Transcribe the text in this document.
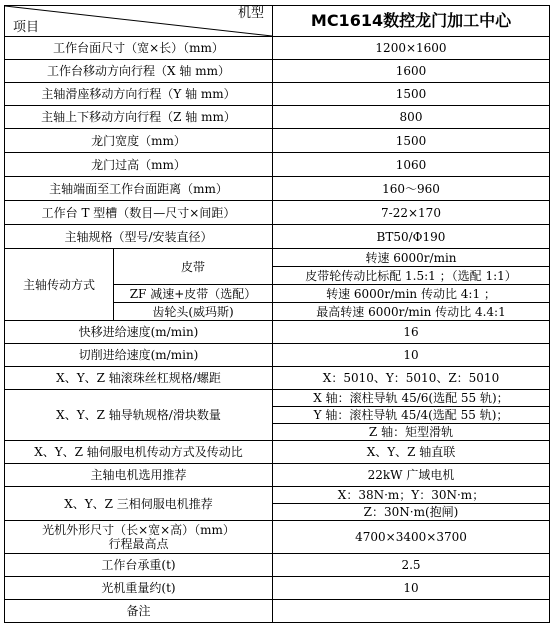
机型
项目		MC1614数控龙门加工中心
工作台面尺寸（宽×长）（mm）		1200×1600
工作台移动方向行程（X 轴 mm）		1600
主轴滑座移动方向行程（Y 轴 mm）		1500
主轴上下移动方向行程（Z 轴 mm）		800
龙门宽度（mm）		1500
龙门过高（mm）		1060
主轴端面至工作台面距离（mm）		160～960
工作台 T 型槽（数目—尺寸×间距）		7-22×170
主轴规格（型号/安装直径）		BT50/Φ190
主轴传动方式	皮带	转速 6000r/min
		皮带轮传动比标配 1.5:1 ；（选配 1:1）
	ZF 减速+皮带（选配）	转速 6000r/min 传动比 4:1 ；
	齿轮头(威玛斯)	最高转速 6000r/min 传动比 4.4:1
快移进给速度(m/min)		16
切削进给速度(m/min)		10
X、Y、Z 轴滚珠丝杠规格/螺距		X：5010、Y：5010、Z：5010
X、Y、Z 轴导轨规格/滑块数量		X 轴：滚柱导轨 45/6(选配 55 轨)；
		Y 轴：滚柱导轨 45/4(选配 55 轨)；
		Z 轴：矩型滑轨
X、Y、Z 轴伺服电机传动方式及传动比		X、Y、Z 轴直联
主轴电机选用推荐		22kW 广域电机
X、Y、Z 三相伺服电机推荐		X：38N·m；Y：30N·m；
		Z：30N·m(抱闸)

光机外形尺寸（长×宽×高）（mm）
行程最高点		4700×3400×3700
工作台承重(t)		2.5
光机重量约(t)		10
备注		
